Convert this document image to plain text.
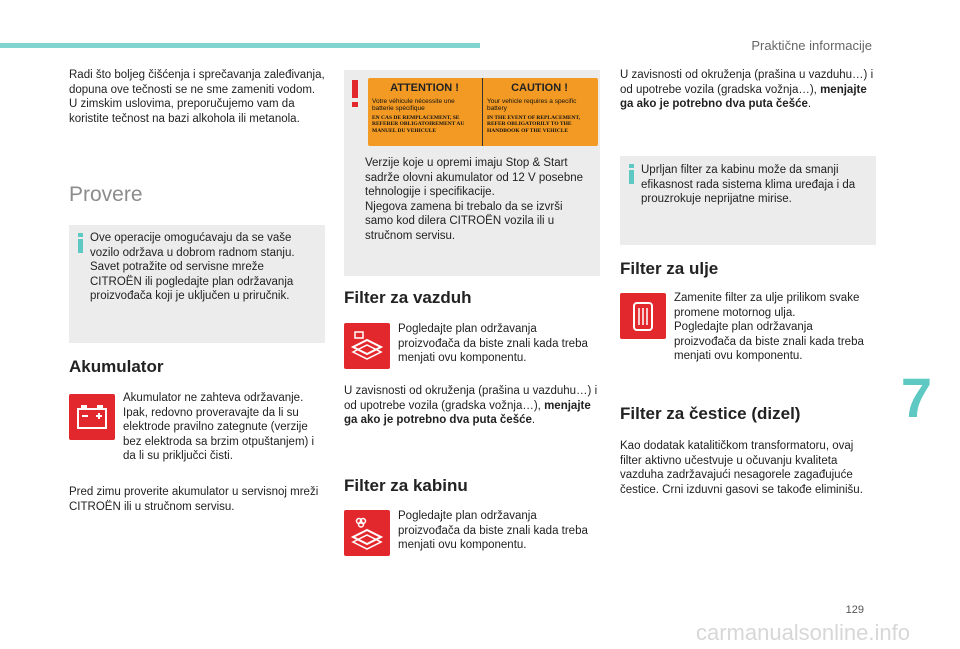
Praktične informacije
7
129
carmanualsonline.info

Radi što boljeg čišćenja i sprečavanja zaleđivanja, dopuna ove tečnosti se ne sme zameniti vodom.
U zimskim uslovima, preporučujemo vam da koristite tečnost na bazi alkohola ili metanola.

Provere
Ove operacije omogućavaju da se vaše vozilo održava u dobrom radnom stanju. Savet potražite od servisne mreže CITROËN ili pogledajte plan održavanja proizvođača koji je uključen u priručnik.
Akumulator

Akumulator ne zahteva održavanje. Ipak, redovno proveravajte da li su elektrode pravilno zategnute (verzije bez elektroda sa brzim otpuštanjem) i da li su priključci čisti.

Pred zimu proverite akumulator u servisnoj mreži CITROËN ili u stručnom servisu.

ATTENTION !
Votre véhicule nécessite une batterie spécifique
EN CAS DE REMPLACEMENT, SE REFERER OBLIGATOIREMENT AU MANUEL DU VEHICULE
CAUTION !
Your vehicle requires a specific battery
IN THE EVENT OF REPLACEMENT, REFER OBLIGATORILY TO THE HANDBOOK OF THE VEHICLE
Verzije koje u opremi imaju Stop & Start sadrže olovni akumulator od 12 V posebne tehnologije i specifikacije.
Njegova zamena bi trebalo da se izvrši samo kod dilera CITROËN vozila ili u stručnom servisu.
Filter za vazduh

Pogledajte plan održavanja proizvođača da biste znali kada treba menjati ovu komponentu.

U zavisnosti od okruženja (prašina u vazduhu…) i od upotrebe vozila (gradska vožnja…), menjajte ga ako je potrebno dva puta češće.

Filter za kabinu

Pogledajte plan održavanja proizvođača da biste znali kada treba menjati ovu komponentu.

U zavisnosti od okruženja (prašina u vazduhu…) i od upotrebe vozila (gradska vožnja…), menjajte ga ako je potrebno dva puta češće.

Uprljan filter za kabinu može da smanji efikasnost rada sistema klima uređaja i da prouzrokuje neprijatne mirise.
Filter za ulje

Zamenite filter za ulje prilikom svake promene motornog ulja.
Pogledajte plan održavanja proizvođača da biste znali kada treba menjati ovu komponentu.

Filter za čestice (dizel)

Kao dodatak katalitičkom transformatoru, ovaj filter aktivno učestvuje u očuvanju kvaliteta vazduha zadržavajući nesagorele zagađujuće čestice. Crni izduvni gasovi se takođe eliminišu.
